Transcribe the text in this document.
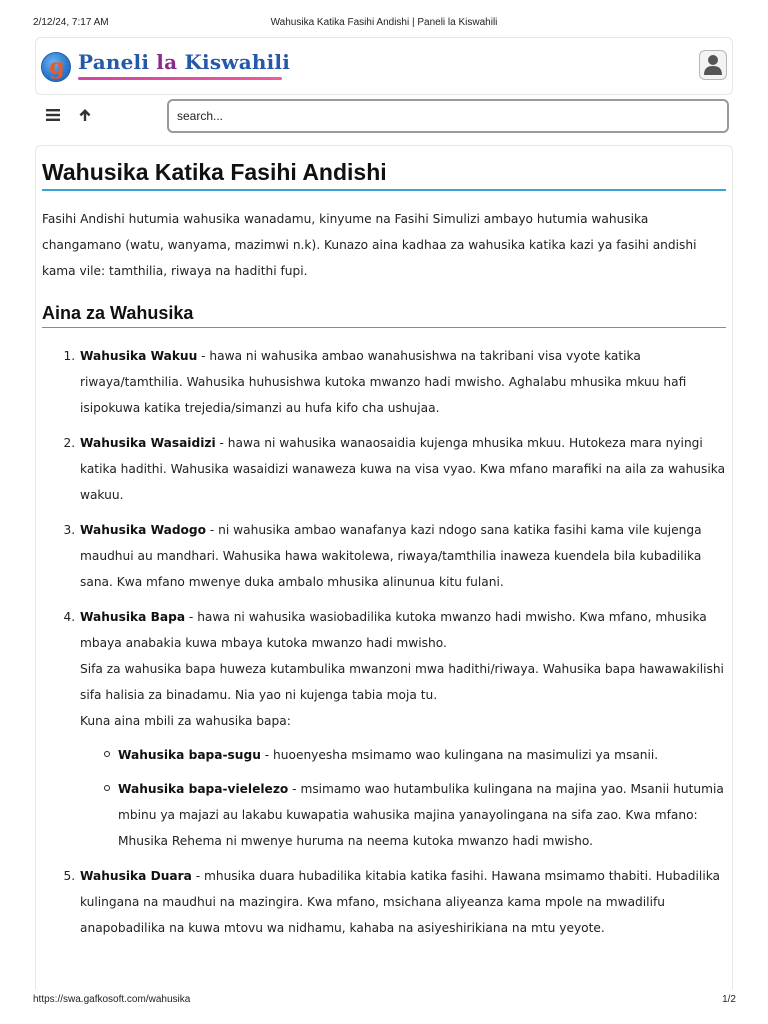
2/12/24, 7:17 AM	Wahusika Katika Fasihi Andishi | Paneli la Kiswahili
g Paneli la Kiswahili
search...
Wahusika Katika Fasihi Andishi

Fasihi Andishi hutumia wahusika wanadamu, kinyume na Fasihi Simulizi ambayo hutumia wahusika changamano (watu, wanyama, mazimwi n.k). Kunazo aina kadhaa za wahusika katika kazi ya fasihi andishi kama vile: tamthilia, riwaya na hadithi fupi.

Aina za Wahusika
1. Wahusika Wakuu - hawa ni wahusika ambao wanahusishwa na takribani visa vyote katika riwaya/tamthilia. Wahusika huhusishwa kutoka mwanzo hadi mwisho. Aghalabu mhusika mkuu hafi isipokuwa katika trejedia/simanzi au hufa kifo cha ushujaa.
2. Wahusika Wasaidizi - hawa ni wahusika wanaosaidia kujenga mhusika mkuu. Hutokeza mara nyingi katika hadithi. Wahusika wasaidizi wanaweza kuwa na visa vyao. Kwa mfano marafiki na aila za wahusika wakuu.
3. Wahusika Wadogo - ni wahusika ambao wanafanya kazi ndogo sana katika fasihi kama vile kujenga maudhui au mandhari. Wahusika hawa wakitolewa, riwaya/tamthilia inaweza kuendela bila kubadilika sana. Kwa mfano mwenye duka ambalo mhusika alinunua kitu fulani.
4. Wahusika Bapa - hawa ni wahusika wasiobadilika kutoka mwanzo hadi mwisho. Kwa mfano, mhusika mbaya anabakia kuwa mbaya kutoka mwanzo hadi mwisho.
Sifa za wahusika bapa huweza kutambulika mwanzoni mwa hadithi/riwaya. Wahusika bapa hawawakilishi sifa halisia za binadamu. Nia yao ni kujenga tabia moja tu.
Kuna aina mbili za wahusika bapa:
Wahusika bapa-sugu - huoenyesha msimamo wao kulingana na masimulizi ya msanii.
Wahusika bapa-vielelezo - msimamo wao hutambulika kulingana na majina yao. Msanii hutumia mbinu ya majazi au lakabu kuwapatia wahusika majina yanayolingana na sifa zao. Kwa mfano: Mhusika Rehema ni mwenye huruma na neema kutoka mwanzo hadi mwisho.
5. Wahusika Duara - mhusika duara hubadilika kitabia katika fasihi. Hawana msimamo thabiti. Hubadilika kulingana na maudhui na mazingira. Kwa mfano, msichana aliyeanza kama mpole na mwadilifu anapobadilika na kuwa mtovu wa nidhamu, kahaba na asiyeshirikiana na mtu yeyote.
https://swa.gafkosoft.com/wahusika	1/2
